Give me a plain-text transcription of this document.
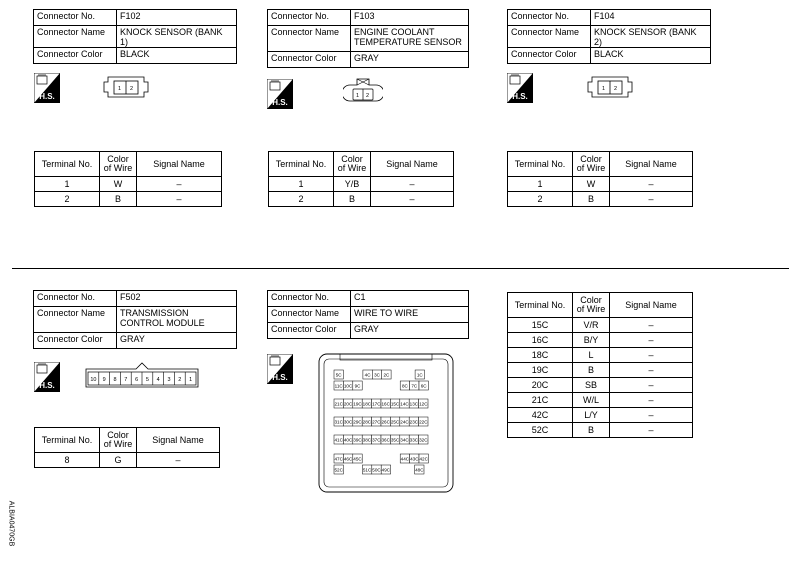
Connector No.	F102
Connector Name	KNOCK SENSOR (BANK 1)
Connector Color	BLACK
H.S.
1 2
Terminal No.	Color of Wire	Signal Name
1	W	–
2	B	–
Connector No.	F103
Connector Name	ENGINE COOLANT TEMPERATURE SENSOR
Connector Color	GRAY
H.S.
1 2
Terminal No.	Color of Wire	Signal Name
1	Y/B	–
2	B	–
Connector No.	F104
Connector Name	KNOCK SENSOR (BANK 2)
Connector Color	BLACK
H.S.
1 2
Terminal No.	Color of Wire	Signal Name
1	W	–
2	B	–
Connector No.	F502
Connector Name	TRANSMISSION CONTROL MODULE
Connector Color	GRAY
H.S.
10 9 8 7 6 5 4 3 2 1
Terminal No.	Color of Wire	Signal Name
8	G	–
Connector No.	C1
Connector Name	WIRE TO WIRE
Connector Color	GRAY
H.S.	5C	4C 3C 2C	1C
11C 10C 9C	8C 7C 6C
21C 20C 19C 18C 17C 16C 15C 14C 13C 12C
31C 30C 29C 28C 27C 26C 25C 24C 23C 22C
41C 40C 39C 38C 37C 36C 35C 34C 33C 32C
47C 46C 45C	44C 43C 42C
52C	51C 50C 49C	48C
Terminal No.	Color of Wire	Signal Name
15C	V/R	–
16C	B/Y	–
18C	L	–
19C	B	–
20C	SB	–
21C	W/L	–
42C	L/Y	–
52C	B	–
ALBIA0470GB
